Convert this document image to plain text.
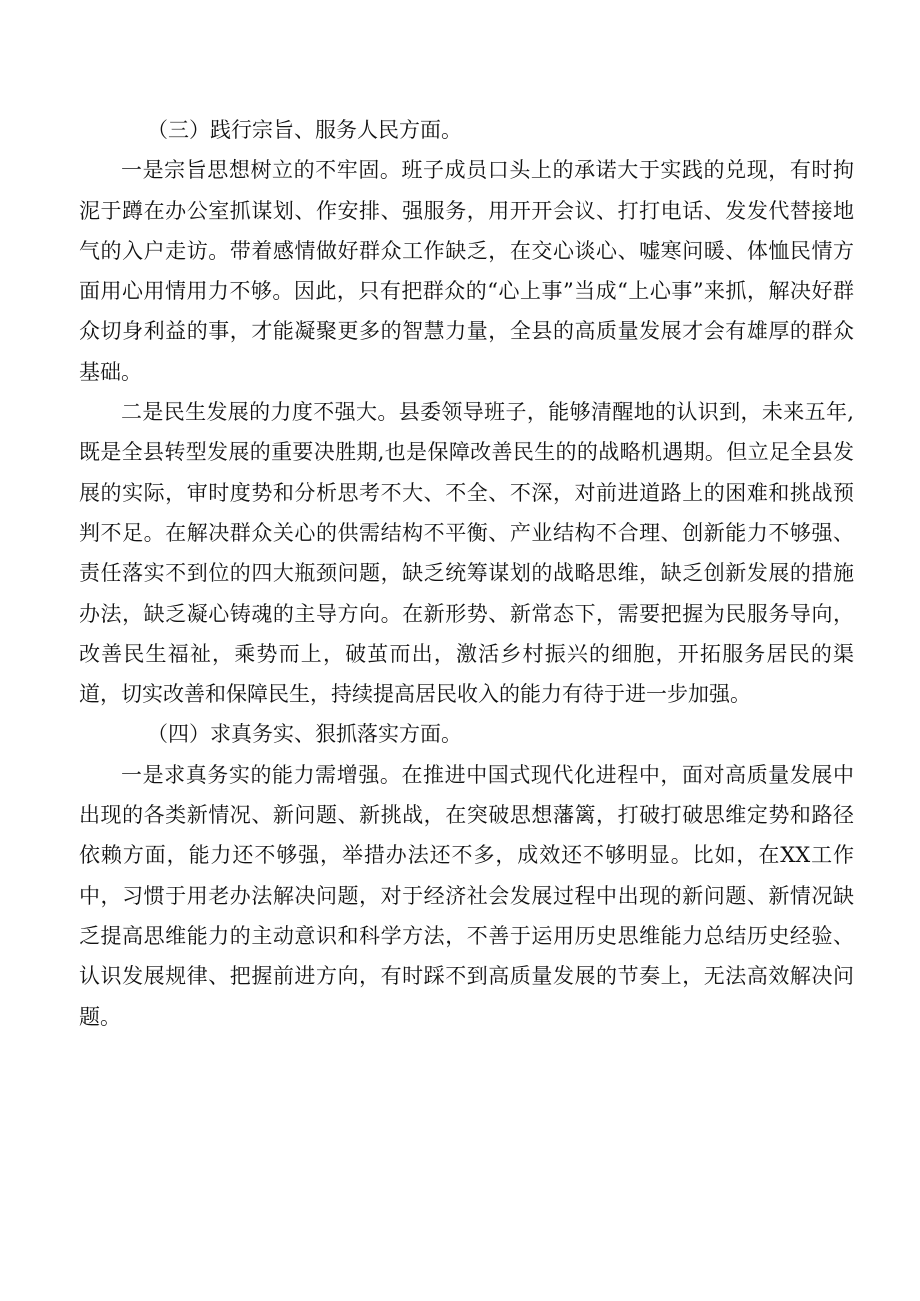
（三）践行宗旨、服务人民方面。

一是宗旨思想树立的不牢固。班子成员口头上的承诺大于实践的兑现，有时拘泥于蹲在办公室抓谋划、作安排、强服务，用开开会议、打打电话、发发代替接地气的入户走访。带着感情做好群众工作缺乏，在交心谈心、嘘寒问暖、体恤民情方面用心用情用力不够。因此，只有把群众的“心上事”当成“上心事”来抓，解决好群众切身利益的事，才能凝聚更多的智慧力量，全县的高质量发展才会有雄厚的群众基础。

二是民生发展的力度不强大。县委领导班子，能够清醒地的认识到，未来五年,既是全县转型发展的重要决胜期,也是保障改善民生的的战略机遇期。但立足全县发展的实际，审时度势和分析思考不大、不全、不深，对前进道路上的困难和挑战预判不足。在解决群众关心的供需结构不平衡、产业结构不合理、创新能力不够强、责任落实不到位的四大瓶颈问题，缺乏统筹谋划的战略思维，缺乏创新发展的措施办法，缺乏凝心铸魂的主导方向。在新形势、新常态下，需要把握为民服务导向，改善民生福祉，乘势而上，破茧而出，激活乡村振兴的细胞，开拓服务居民的渠道，切实改善和保障民生，持续提高居民收入的能力有待于进一步加强。

（四）求真务实、狠抓落实方面。

一是求真务实的能力需增强。在推进中国式现代化进程中，面对高质量发展中出现的各类新情况、新问题、新挑战，在突破思想藩篱，打破打破思维定势和路径依赖方面，能力还不够强，举措办法还不多，成效还不够明显。比如，在XX工作中，习惯于用老办法解决问题，对于经济社会发展过程中出现的新问题、新情况缺乏提高思维能力的主动意识和科学方法，不善于运用历史思维能力总结历史经验、认识发展规律、把握前进方向，有时踩不到高质量发展的节奏上，无法高效解决问题。
